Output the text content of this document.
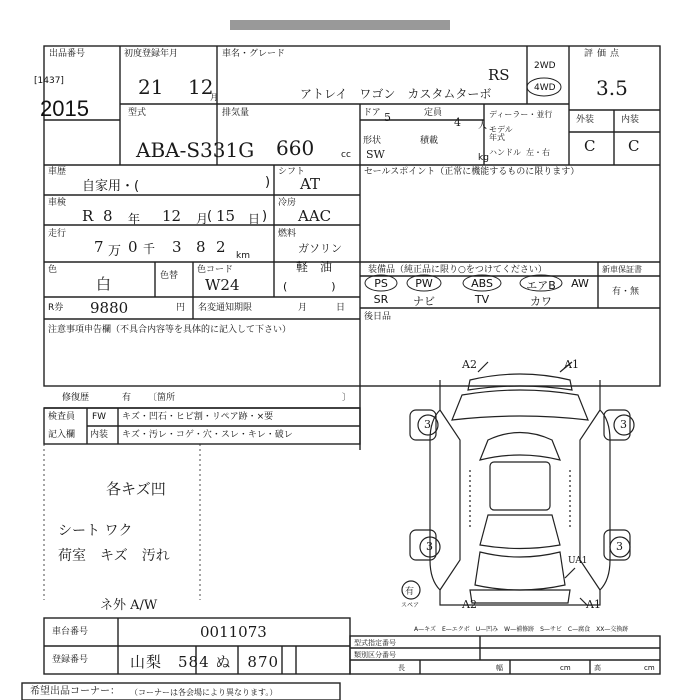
出品番号
[1437]
2015
初度登録年月
21 12
月
車名・グレード
アトレイ　ワゴン　カスタムターボ
RS	2WD
4WD
評価点
3.5
外装	内装
C C
型式
ABA-S331G
排気量
660	cc
ドア 5	定員
4 人
形状
SW
積載
kg
ディーラー・並行
モデル年式
ハンドル 左・右
車歴
自家用・(	)
シフト
AT
車検
R 8 年 12 月
( 15 日 )
冷房
AAC
走行
7 万 0 千 3 8 2 km
燃料
ガソリン
軽　油
(　　　　)
色
白	色替
色コード
W24
R券 9880	円 名変通知期限	月	日
注意事項申告欄（不具合内容等を具体的に記入して下さい）
修復歴	有 〔箇所	〕
セールスポイント（正常に機能するものに限ります）
装備品（純正品に限り○をつけてください）	新車保証書
有・無
PS	PW	ABS	エアB	AW
SR	ナビ	TV	カワ
後日品
検査員
記入欄
FW キズ・凹石・ヒビ割・リペア跡・×要
内装 キズ・汚レ・コゲ・穴・スレ・キレ・破レ
各キズ凹
シート ワク
荷室　キズ　汚れ
ネ外 A/W
A2	A1
3	3
3	3
UA1
A2	A1
有
スペア
A—キズ　E—エクボ　U—凹み　W—補修跡　S—サビ　C—腐食　XX—交換跡
車台番号	0011073
登録番号	山梨　584 ぬ　870
型式指定番号
類別区分番号
長	幅	cm	高	cm
希望出品コーナー： （コーナーは各会場により異なります。）
